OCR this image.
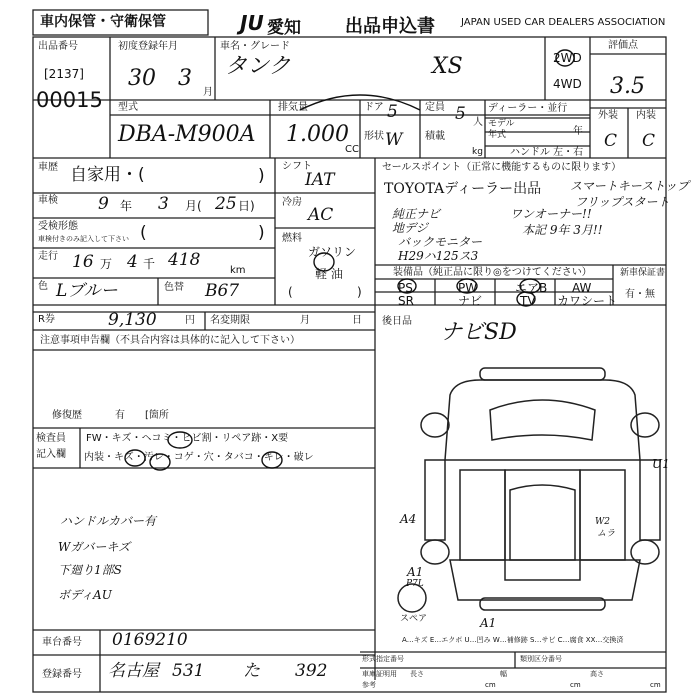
車内保管・守衛保管	JU 愛知 出品申込書	JAPAN USED CAR DEALERS ASSOCIATION
出品番号
[2137]
00015
初度登録年月
30 3
月
車名・グレード
タンク	XS	2WD
4WD
評価点
3.5
外装 内装
C C
型式
DBA-M900A
排気量
1.000
CC
ドア 5
形状 W
定員 5 人
積載
kg
ディーラー・並行
モデル
年式	年
ハンドル 左・右
車歴 自家用・(	)
車検 9 年 3 月( 25 日)
受検形態
車検付きのみ記入して下さい (	)
走行 16 万 4 千 418
km
色 Lブルー	色替 B67
シフト
IAT
冷房
AC
燃料
ガソリン
軽 油
(	)
セールスポイント（正常に機能するものに限ります）
TOYOTAディーラー出品 スマートキーストップ
フリップスタート
純正ナビ	ワンオーナー!!
地デジ	本記 9年 3月!!
バックモニター
H29ハ125ス3
装備品（純正品に限り◎をつけてください）
PS	PW	エアB AW
SR	ナビ	TV カワシート
新車保証書
有・無
R券	9,130	円 名変期限	月	日 後日品 ナビSD
注意事項申告欄（不具合内容は具体的に記入して下さい）
修復歴	有 [箇所
検査員
記入欄
FW・キズ・ヘコミ・ヒビ割・リペア跡・X要
内装・キズ・汚レ・コゲ・穴・タバコ・キレ・破レ
ハンドルカバー有
Wガバーキズ
下廻り1部S
ボディAU
U1
A4
A1
P7L
A1
W2
ムラ
スペア
A…キズ E…エクボ U…凹み W…補修跡 S…サビ C…腐食 XX…交換済
車台番号 0169210
登録番号 名古屋 531 た 392
形式指定番号	類別区分番号
車庫証明用
参考
長さ
cm
幅
cm
高さ
cm
